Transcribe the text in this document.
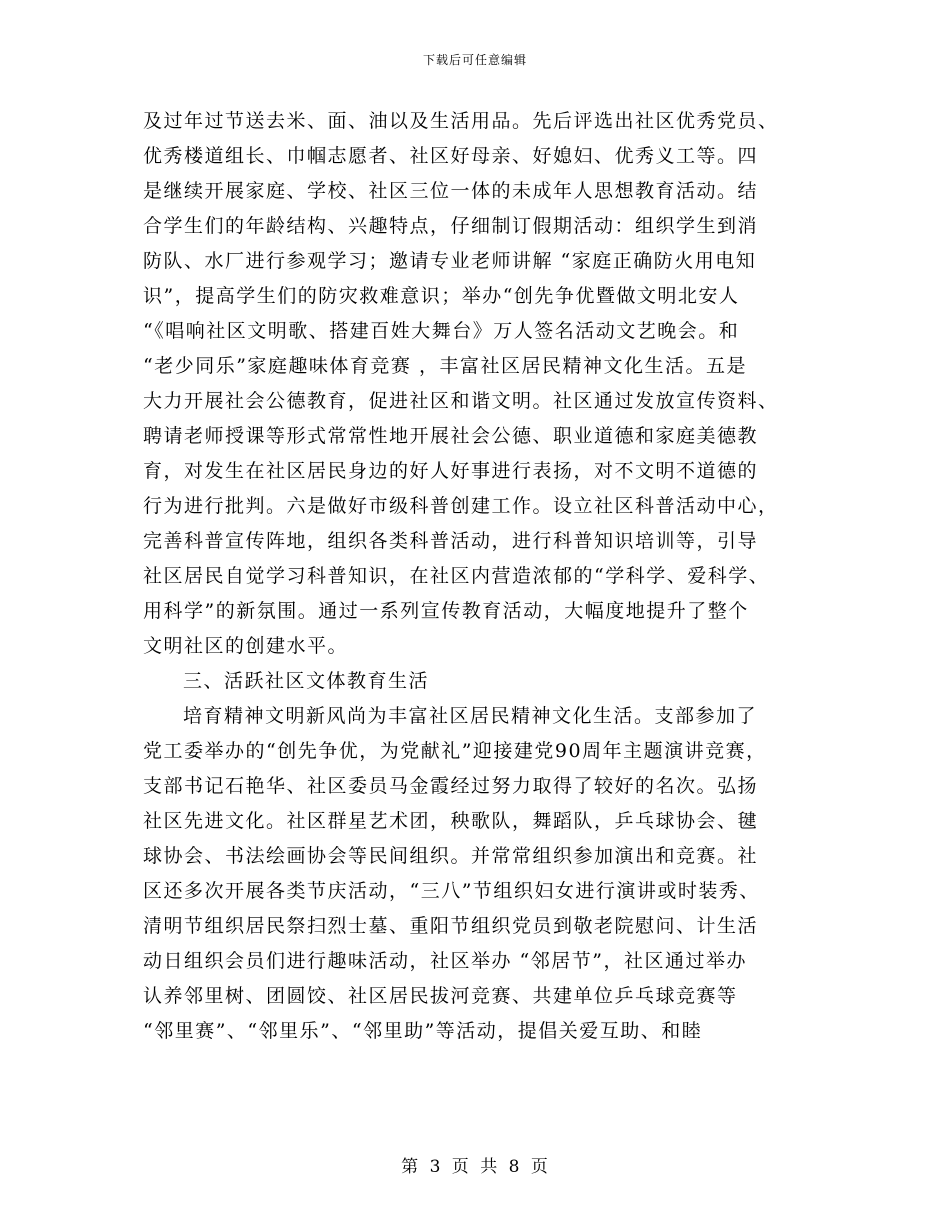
下载后可任意编辑
及过年过节送去米、面、油以及生活用品。先后评选出社区优秀党员、
优秀楼道组长、巾帼志愿者、社区好母亲、好媳妇、优秀义工等。四
是继续开展家庭、学校、社区三位一体的未成年人思想教育活动。结
合学生们的年龄结构、兴趣特点，仔细制订假期活动：组织学生到消
防队、水厂进行参观学习；邀请专业老师讲解 “家庭正确防火用电知
识”，提高学生们的防灾救难意识；举办“创先争优暨做文明北安人
“《唱响社区文明歌、搭建百姓大舞台》万人签名活动文艺晚会。和
“老少同乐”家庭趣味体育竞赛 ，丰富社区居民精神文化生活。五是
大力开展社会公德教育，促进社区和谐文明。社区通过发放宣传资料、
聘请老师授课等形式常常性地开展社会公德、职业道德和家庭美德教
育，对发生在社区居民身边的好人好事进行表扬，对不文明不道德的
行为进行批判。六是做好市级科普创建工作。设立社区科普活动中心，
完善科普宣传阵地，组织各类科普活动，进行科普知识培训等，引导
社区居民自觉学习科普知识，在社区内营造浓郁的“学科学、爱科学、
用科学”的新氛围。通过一系列宣传教育活动，大幅度地提升了整个
文明社区的创建水平。
三、活跃社区文体教育生活
培育精神文明新风尚为丰富社区居民精神文化生活。支部参加了
党工委举办的“创先争优，为党献礼”迎接建党90周年主题演讲竞赛，
支部书记石艳华、社区委员马金霞经过努力取得了较好的名次。弘扬
社区先进文化。社区群星艺术团，秧歌队，舞蹈队，乒乓球协会、毽
球协会、书法绘画协会等民间组织。并常常组织参加演出和竞赛。社
区还多次开展各类节庆活动，“三八”节组织妇女进行演讲或时装秀、
清明节组织居民祭扫烈士墓、重阳节组织党员到敬老院慰问、计生活
动日组织会员们进行趣味活动，社区举办 “邻居节”，社区通过举办
认养邻里树、团圆饺、社区居民拔河竞赛、共建单位乒乓球竞赛等
“邻里赛”、“邻里乐”、“邻里助”等活动，提倡关爱互助、和睦
第 3 页 共 8 页
